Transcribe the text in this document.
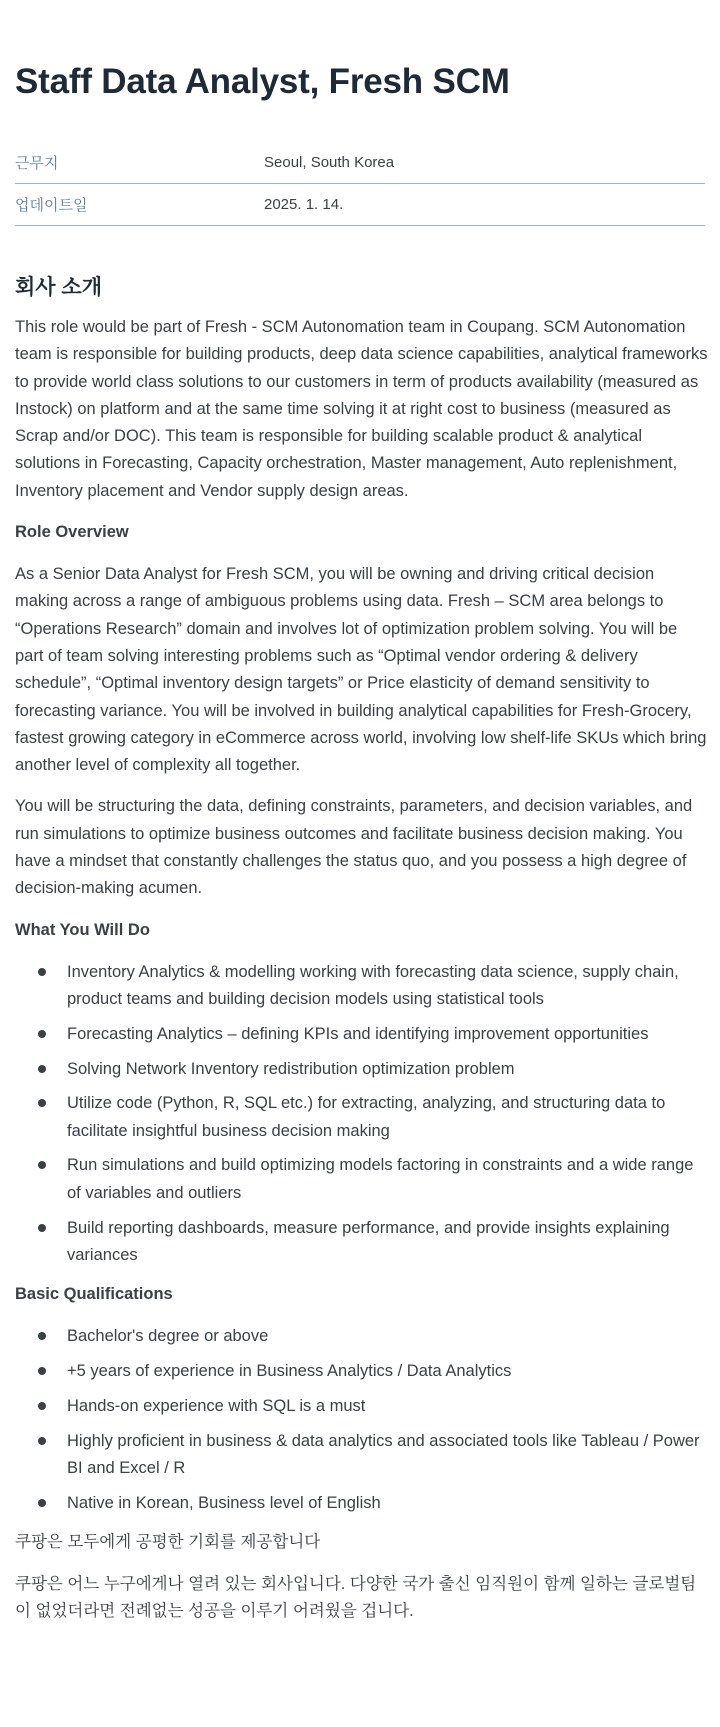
Staff Data Analyst, Fresh SCM
근무지	Seoul, South Korea
업데이트일	2025. 1. 14.
회사 소개

This role would be part of Fresh - SCM Autonomation team in Coupang. SCM Autonomation team is responsible for building products, deep data science capabilities, analytical frameworks to provide world class solutions to our customers in term of products availability (measured as Instock) on platform and at the same time solving it at right cost to business (measured as Scrap and/or DOC). This team is responsible for building scalable product & analytical solutions in Forecasting, Capacity orchestration, Master management, Auto replenishment, Inventory placement and Vendor supply design areas.

Role Overview

As a Senior Data Analyst for Fresh SCM, you will be owning and driving critical decision making across a range of ambiguous problems using data. Fresh – SCM area belongs to “Operations Research” domain and involves lot of optimization problem solving. You will be part of team solving interesting problems such as “Optimal vendor ordering & delivery schedule”, “Optimal inventory design targets” or Price elasticity of demand sensitivity to forecasting variance. You will be involved in building analytical capabilities for Fresh-Grocery, fastest growing category in eCommerce across world, involving low shelf-life SKUs which bring another level of complexity all together.

You will be structuring the data, defining constraints, parameters, and decision variables, and run simulations to optimize business outcomes and facilitate business decision making. You have a mindset that constantly challenges the status quo, and you possess a high degree of decision-making acumen.

What You Will Do
Inventory Analytics & modelling working with forecasting data science, supply chain, product teams and building decision models using statistical tools
Forecasting Analytics – defining KPIs and identifying improvement opportunities
Solving Network Inventory redistribution optimization problem
Utilize code (Python, R, SQL etc.) for extracting, analyzing, and structuring data to facilitate insightful business decision making
Run simulations and build optimizing models factoring in constraints and a wide range of variables and outliers
Build reporting dashboards, measure performance, and provide insights explaining variances
Basic Qualifications
Bachelor's degree or above
+5 years of experience in Business Analytics / Data Analytics
Hands-on experience with SQL is a must
Highly proficient in business & data analytics and associated tools like Tableau / Power BI and Excel / R
Native in Korean, Business level of English
쿠팡은 모두에게 공평한 기회를 제공합니다

쿠팡은 어느 누구에게나 열려 있는 회사입니다. 다양한 국가 출신 임직원이 함께 일하는 글로벌팀이 없었더라면 전례없는 성공을 이루기 어려웠을 겁니다.
